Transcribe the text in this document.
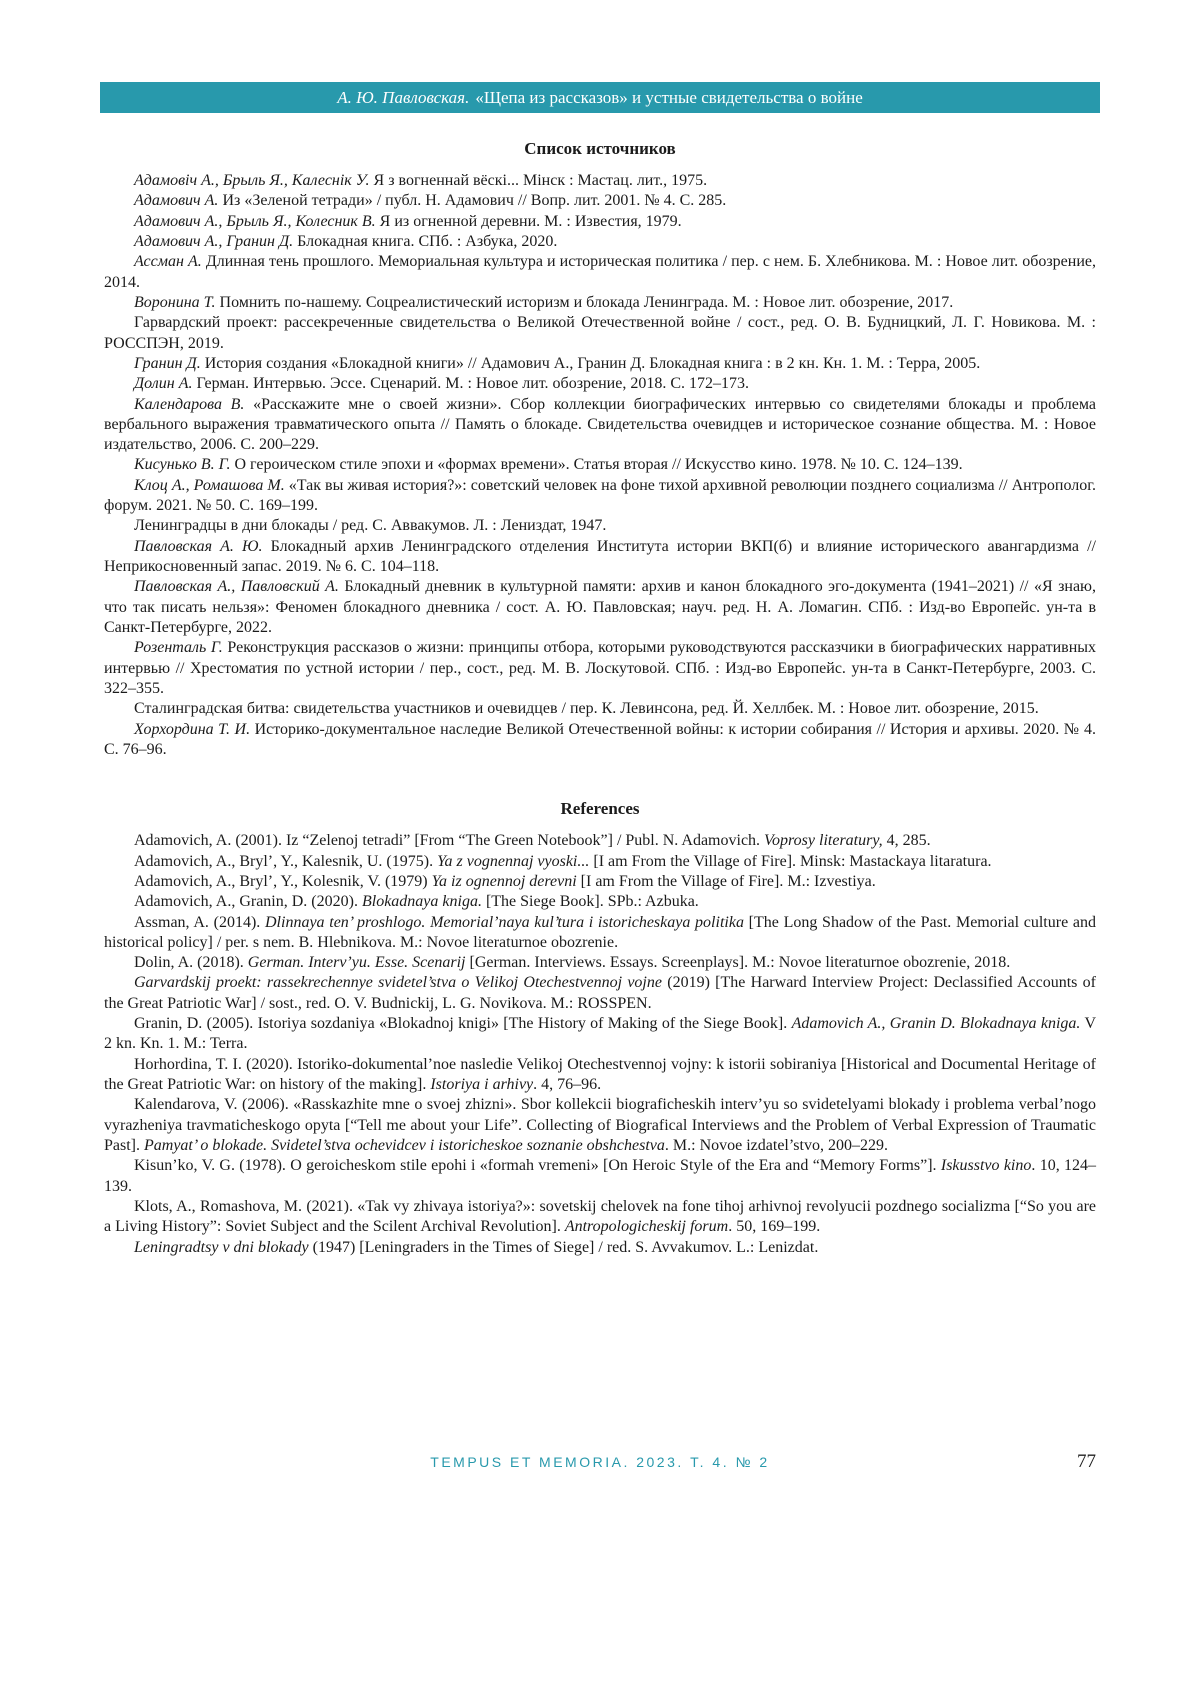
А. Ю. Павловская. «Щепа из рассказов» и устные свидетельства о войне
Список источников

Адамовіч А., Брыль Я., Калеснік У. Я з вогненнай вёскі... Мінск : Мастац. лит., 1975.

Адамович А. Из «Зеленой тетради» / публ. Н. Адамович // Вопр. лит. 2001. № 4. С. 285.

Адамович А., Брыль Я., Колесник В. Я из огненной деревни. М. : Известия, 1979.

Адамович А., Гранин Д. Блокадная книга. СПб. : Азбука, 2020.

Ассман А. Длинная тень прошлого. Мемориальная культура и историческая политика / пер. с нем. Б. Хлебникова. М. : Новое лит. обозрение, 2014.

Воронина Т. Помнить по-нашему. Соцреалистический историзм и блокада Ленинграда. М. : Новое лит. обозрение, 2017.

Гарвардский проект: рассекреченные свидетельства о Великой Отечественной войне / сост., ред. О. В. Будницкий, Л. Г. Новикова. М. : РОССПЭН, 2019.

Гранин Д. История создания «Блокадной книги» // Адамович А., Гранин Д. Блокадная книга : в 2 кн. Кн. 1. М. : Терра, 2005.

Долин А. Герман. Интервью. Эссе. Сценарий. М. : Новое лит. обозрение, 2018. С. 172–173.

Календарова В. «Расскажите мне о своей жизни». Сбор коллекции биографических интервью со свидетелями блокады и проблема вербального выражения травматического опыта // Память о блокаде. Свидетельства очевидцев и историческое сознание общества. М. : Новое издательство, 2006. С. 200–229.

Кисунько В. Г. О героическом стиле эпохи и «формах времени». Статья вторая // Искусство кино. 1978. № 10. С. 124–139.

Клоц А., Ромашова М. «Так вы живая история?»: советский человек на фоне тихой архивной революции позднего социализма // Антрополог. форум. 2021. № 50. С. 169–199.

Ленинградцы в дни блокады / ред. С. Аввакумов. Л. : Лениздат, 1947.

Павловская А. Ю. Блокадный архив Ленинградского отделения Института истории ВКП(б) и влияние исторического авангардизма // Неприкосновенный запас. 2019. № 6. С. 104–118.

Павловская А., Павловский А. Блокадный дневник в культурной памяти: архив и канон блокадного эго-документа (1941–2021) // «Я знаю, что так писать нельзя»: Феномен блокадного дневника / сост. А. Ю. Павловская; науч. ред. Н. А. Ломагин. СПб. : Изд-во Европейс. ун-та в Санкт-Петербурге, 2022.

Розенталь Г. Реконструкция рассказов о жизни: принципы отбора, которыми руководствуются рассказчики в биографических нарративных интервью // Хрестоматия по устной истории / пер., сост., ред. М. В. Лоскутовой. СПб. : Изд-во Европейс. ун-та в Санкт-Петербурге, 2003. С. 322–355.

Сталинградская битва: свидетельства участников и очевидцев / пер. К. Левинсона, ред. Й. Хеллбек. М. : Новое лит. обозрение, 2015.

Хорхордина Т. И. Историко-документальное наследие Великой Отечественной войны: к истории собирания // История и архивы. 2020. № 4. С. 76–96.

References

Adamovich, A. (2001). Iz “Zelenoj tetradi” [From “The Green Notebook”] / Publ. N. Adamovich. Voprosy literatury, 4, 285.

Adamovich, A., Bryl’, Y., Kalesnik, U. (1975). Ya z vognennaj vyoski... [I am From the Village of Fire]. Minsk: Mastackaya litaratura.

Adamovich, A., Bryl’, Y., Kolesnik, V. (1979) Ya iz ognennoj derevni [I am From the Village of Fire]. M.: Izvestiya.

Adamovich, A., Granin, D. (2020). Blokadnaya kniga. [The Siege Book]. SPb.: Azbuka.

Assman, A. (2014). Dlinnaya ten’ proshlogo. Memorial’naya kul’tura i istoricheskaya politika [The Long Shadow of the Past. Memorial culture and historical policy] / per. s nem. B. Hlebnikova. M.: Novoe literaturnoe obozrenie.

Dolin, A. (2018). German. Interv’yu. Esse. Scenarij [German. Interviews. Essays. Screenplays]. M.: Novoe literaturnoe obozrenie, 2018.

Garvardskij proekt: rassekrechennye svidetel’stva o Velikoj Otechestvennoj vojne (2019) [The Harward Interview Project: Declassified Accounts of the Great Patriotic War] / sost., red. O. V. Budnickij, L. G. Novikova. M.: ROSSPEN.

Granin, D. (2005). Istoriya sozdaniya «Blokadnoj knigi» [The History of Making of the Siege Book]. Adamovich A., Granin D. Blokadnaya kniga. V 2 kn. Kn. 1. M.: Terra.

Horhordina, T. I. (2020). Istoriko-dokumental’noe nasledie Velikoj Otechestvennoj vojny: k istorii sobiraniya [Historical and Documental Heritage of the Great Patriotic War: on history of the making]. Istoriya i arhivy. 4, 76–96.

Kalendarova, V. (2006). «Rasskazhite mne o svoej zhizni». Sbor kollekcii biograficheskih interv’yu so svidetelyami blokady i problema verbal’nogo vyrazheniya travmaticheskogo opyta [“Tell me about your Life”. Collecting of Biografical Interviews and the Problem of Verbal Expression of Traumatic Past]. Pamyat’ o blokade. Svidetel’stva ochevidcev i istoricheskoe soznanie obshchestva. M.: Novoe izdatel’stvo, 200–229.

Kisun’ko, V. G. (1978). O geroicheskom stile epohi i «formah vremeni» [On Heroic Style of the Era and “Memory Forms”]. Iskusstvo kino. 10, 124–139.

Klots, A., Romashova, M. (2021). «Tak vy zhivaya istoriya?»: sovetskij chelovek na fone tihoj arhivnoj revolyucii pozdnego socializma [“So you are a Living History”: Soviet Subject and the Scilent Archival Revolution]. Antropologicheskij forum. 50, 169–199.

Leningradtsy v dni blokady (1947) [Leningraders in the Times of Siege] / red. S. Avvakumov. L.: Lenizdat.

TEMPUS ET MEMORIA. 2023. Т. 4. № 2	77
